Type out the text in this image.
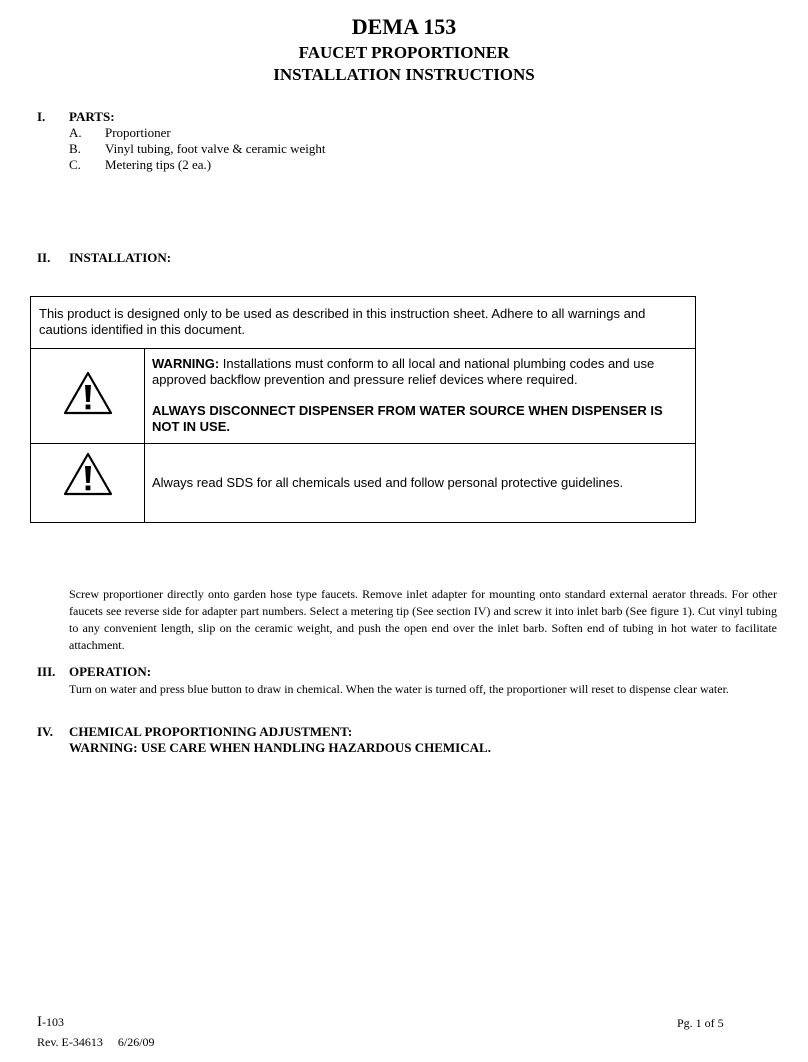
DEMA 153
FAUCET PROPORTIONER
INSTALLATION INSTRUCTIONS
I. PARTS:
A. Proportioner
B. Vinyl tubing, foot valve & ceramic weight
C. Metering tips (2 ea.)
II. INSTALLATION:
This product is designed only to be used as described in this instruction sheet. Adhere to all warnings and cautions identified in this document.
WARNING: Installations must conform to all local and national plumbing codes and use approved backflow prevention and pressure relief devices where required.
ALWAYS DISCONNECT DISPENSER FROM WATER SOURCE WHEN DISPENSER IS NOT IN USE.
Always read SDS for all chemicals used and follow personal protective guidelines.
Screw proportioner directly onto garden hose type faucets. Remove inlet adapter for mounting onto standard external aerator threads. For other faucets see reverse side for adapter part numbers. Select a metering tip (See section IV) and screw it into inlet barb (See figure 1). Cut vinyl tubing to any convenient length, slip on the ceramic weight, and push the open end over the inlet barb. Soften end of tubing in hot water to facilitate attachment.
III. OPERATION:
Turn on water and press blue button to draw in chemical. When the water is turned off, the proportioner will reset to dispense clear water.
IV. CHEMICAL PROPORTIONING ADJUSTMENT:
WARNING: USE CARE WHEN HANDLING HAZARDOUS CHEMICAL.
I-103
Rev. E-34613     6/26/09
Pg. 1 of 5
